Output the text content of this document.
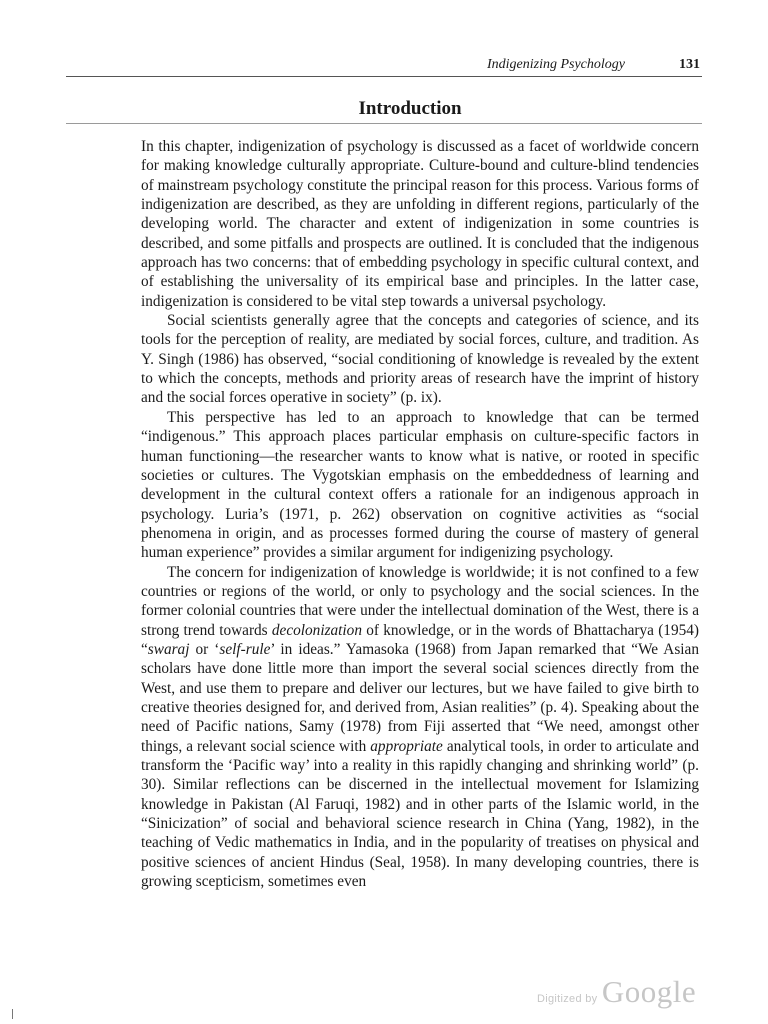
Indigenizing Psychology	131
Introduction

In this chapter, indigenization of psychology is discussed as a facet of worldwide concern for making knowledge culturally appropriate. Culture-bound and culture-blind tendencies of mainstream psychology constitute the principal reason for this process. Various forms of indigenization are described, as they are unfolding in different regions, particularly of the developing world. The character and extent of indigenization in some countries is described, and some pitfalls and prospects are outlined. It is concluded that the indigenous approach has two concerns: that of embedding psychology in specific cultural context, and of establishing the universality of its empirical base and principles. In the latter case, indigenization is considered to be vital step towards a universal psychology.

Social scientists generally agree that the concepts and categories of science, and its tools for the perception of reality, are mediated by social forces, culture, and tradition. As Y. Singh (1986) has observed, “social conditioning of knowledge is revealed by the extent to which the concepts, methods and priority areas of research have the imprint of history and the social forces operative in society” (p. ix).

This perspective has led to an approach to knowledge that can be termed “indigenous.” This approach places particular emphasis on culture-specific factors in human functioning—the researcher wants to know what is native, or rooted in specific societies or cultures. The Vygotskian emphasis on the embeddedness of learning and development in the cultural context offers a rationale for an indigenous approach in psychology. Luria’s (1971, p. 262) observation on cognitive activities as “social phenomena in origin, and as processes formed during the course of mastery of general human experience” provides a similar argument for indigenizing psychology.

The concern for indigenization of knowledge is worldwide; it is not confined to a few countries or regions of the world, or only to psychology and the social sciences. In the former colonial countries that were under the intellectual domination of the West, there is a strong trend towards decolonization of knowledge, or in the words of Bhattacharya (1954) “swaraj or ‘self-rule’ in ideas.” Yamasoka (1968) from Japan remarked that “We Asian scholars have done little more than import the several social sciences directly from the West, and use them to prepare and deliver our lectures, but we have failed to give birth to creative theories designed for, and derived from, Asian realities” (p. 4). Speaking about the need of Pacific nations, Samy (1978) from Fiji asserted that “We need, amongst other things, a relevant social science with appropriate analytical tools, in order to articulate and transform the ‘Pacific way’ into a reality in this rapidly changing and shrinking world” (p. 30). Similar reflections can be discerned in the intellectual movement for Islamizing knowledge in Pakistan (Al Faruqi, 1982) and in other parts of the Islamic world, in the “Sinicization” of social and behavioral science research in China (Yang, 1982), in the teaching of Vedic mathematics in India, and in the popularity of treatises on physical and positive sciences of ancient Hindus (Seal, 1958). In many developing countries, there is growing scepticism, sometimes even

Digitized by Google
